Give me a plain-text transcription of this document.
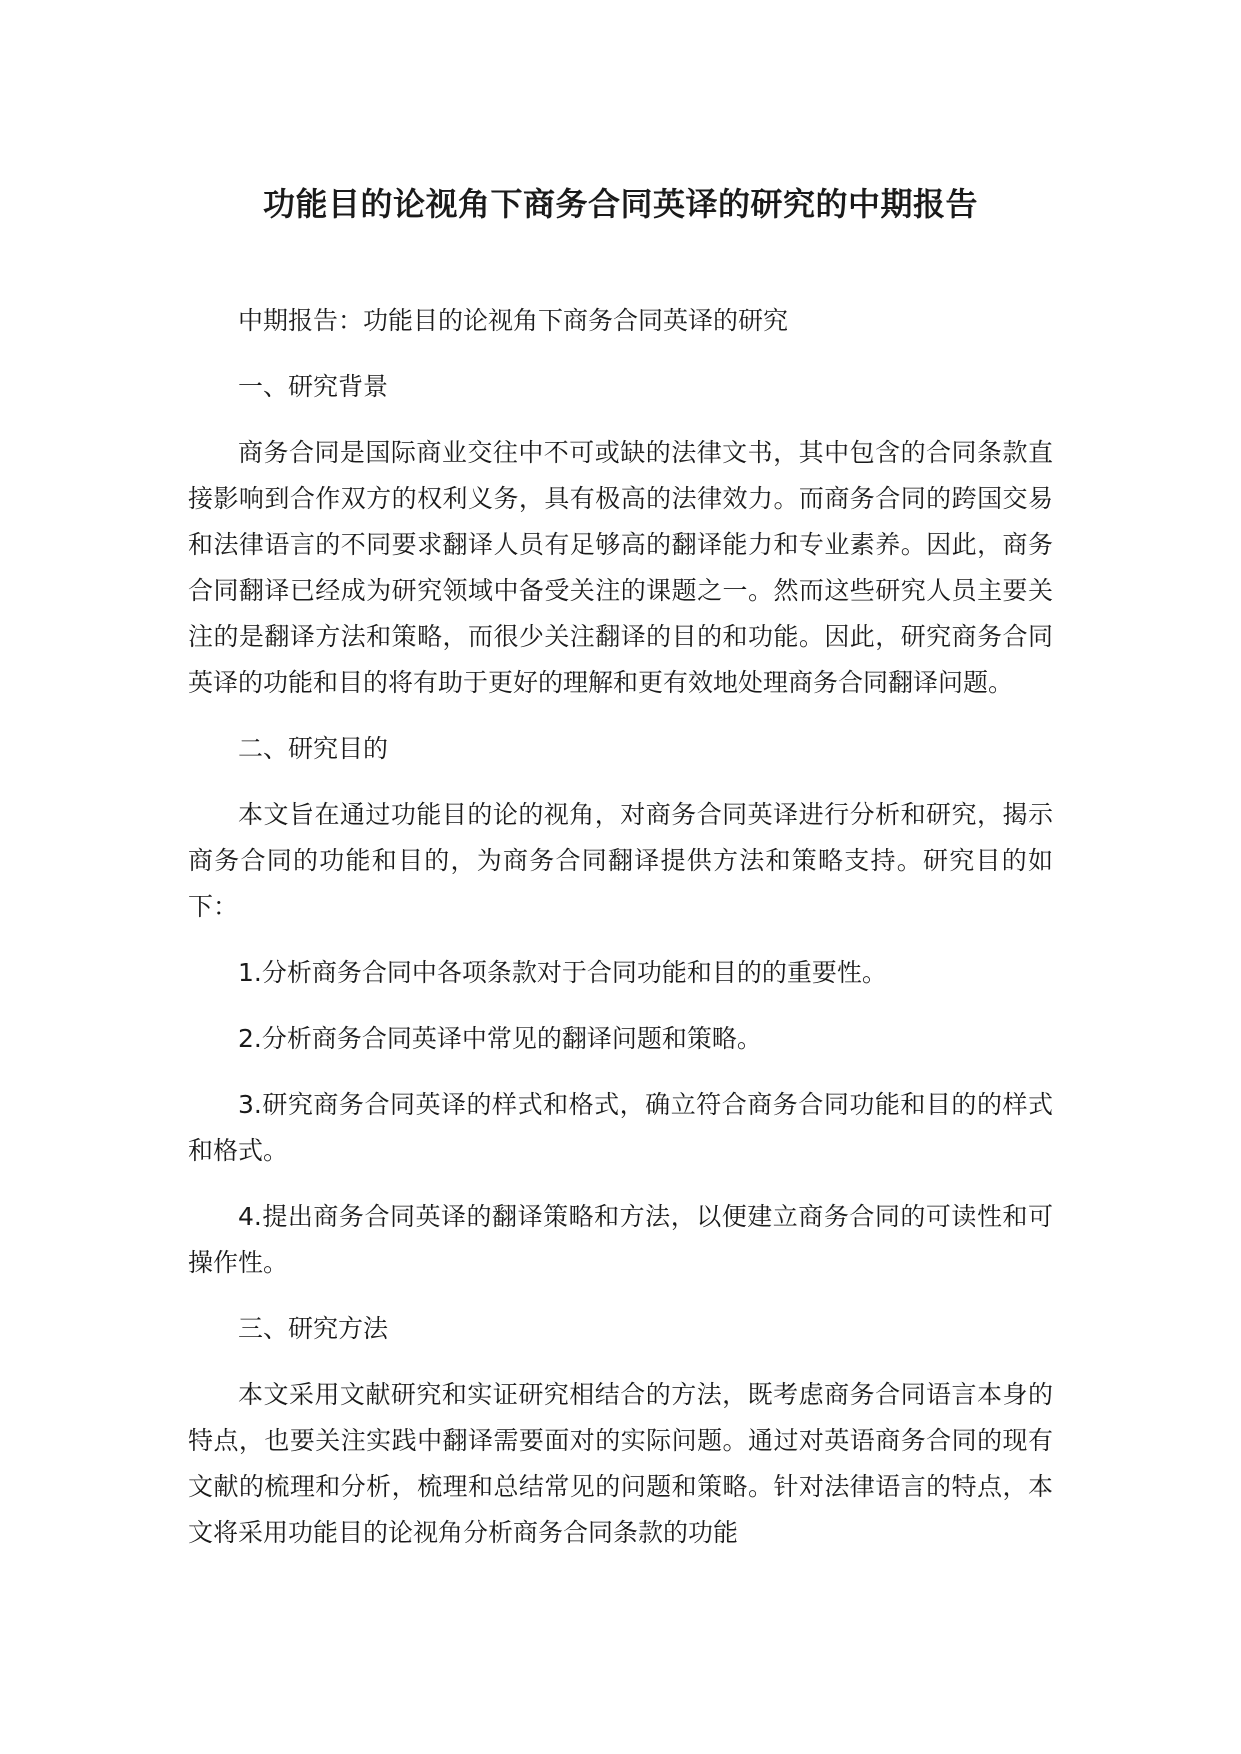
功能目的论视角下商务合同英译的研究的中期报告

中期报告：功能目的论视角下商务合同英译的研究

一、研究背景

商务合同是国际商业交往中不可或缺的法律文书，其中包含的合同条款直接影响到合作双方的权利义务，具有极高的法律效力。而商务合同的跨国交易和法律语言的不同要求翻译人员有足够高的翻译能力和专业素养。因此，商务合同翻译已经成为研究领域中备受关注的课题之一。然而这些研究人员主要关注的是翻译方法和策略，而很少关注翻译的目的和功能。因此，研究商务合同英译的功能和目的将有助于更好的理解和更有效地处理商务合同翻译问题。

二、研究目的

本文旨在通过功能目的论的视角，对商务合同英译进行分析和研究，揭示商务合同的功能和目的，为商务合同翻译提供方法和策略支持。研究目的如下：

1.分析商务合同中各项条款对于合同功能和目的的重要性。

2.分析商务合同英译中常见的翻译问题和策略。

3.研究商务合同英译的样式和格式，确立符合商务合同功能和目的的样式和格式。

4.提出商务合同英译的翻译策略和方法，以便建立商务合同的可读性和可操作性。

三、研究方法

本文采用文献研究和实证研究相结合的方法，既考虑商务合同语言本身的特点，也要关注实践中翻译需要面对的实际问题。通过对英语商务合同的现有文献的梳理和分析，梳理和总结常见的问题和策略。针对法律语言的特点，本文将采用功能目的论视角分析商务合同条款的功能
